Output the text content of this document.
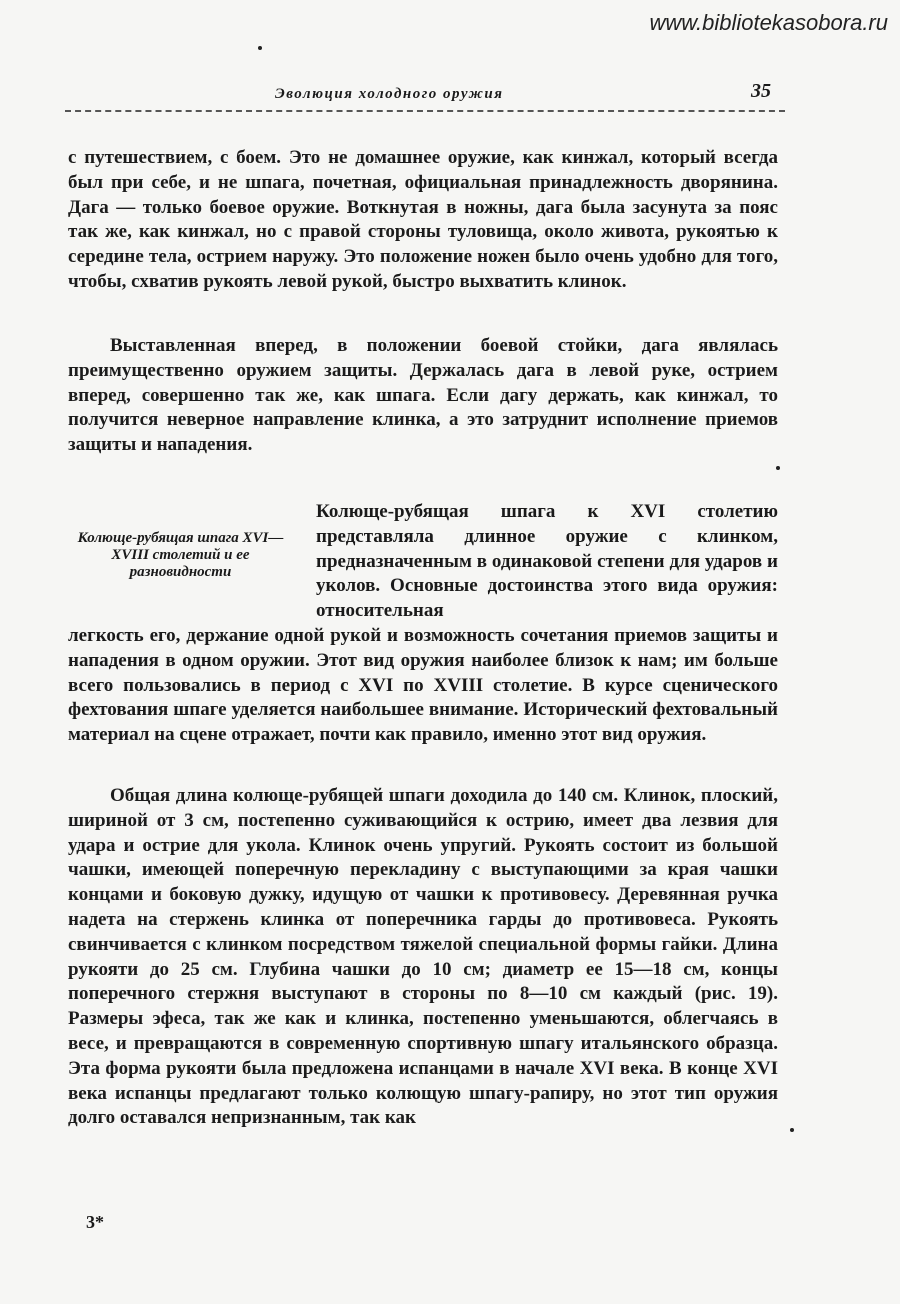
www.bibliotekasobora.ru
Эволюция холодного оружия	35
с путешествием, с боем. Это не домашнее оружие, как кинжал, который всегда был при себе, и не шпага, почетная, официальная принадлежность дворянина. Дага — только боевое оружие. Воткнутая в ножны, дага была засунута за пояс так же, как кинжал, но с правой стороны туловища, около живота, рукоятью к середине тела, острием наружу. Это положение ножен было очень удобно для того, чтобы, схватив рукоять левой рукой, быстро выхватить клинок.
Выставленная вперед, в положении боевой стойки, дага являлась преимущественно оружием защиты. Держалась дага в левой руке, острием вперед, совершенно так же, как шпага. Если дагу держать, как кинжал, то получится неверное направление клинка, а это затруднит исполнение приемов защиты и нападения.
Колюще-рубящая шпага XVI—XVIII столетий и ее разновидности
Колюще-рубящая шпага к XVI столетию представляла длинное оружие с клинком, предназначенным в одинаковой степени для ударов и уколов. Основные достоинства этого вида оружия: относительная
легкость его, держание одной рукой и возможность сочетания приемов защиты и нападения в одном оружии. Этот вид оружия наиболее близок к нам; им больше всего пользовались в период с XVI по XVIII столетие. В курсе сценического фехтования шпаге уделяется наибольшее внимание. Исторический фехтовальный материал на сцене отражает, почти как правило, именно этот вид оружия.
Общая длина колюще-рубящей шпаги доходила до 140 см. Клинок, плоский, шириной от 3 см, постепенно суживающийся к острию, имеет два лезвия для удара и острие для укола. Клинок очень упругий. Рукоять состоит из большой чашки, имеющей поперечную перекладину с выступающими за края чашки концами и боковую дужку, идущую от чашки к противовесу. Деревянная ручка надета на стержень клинка от поперечника гарды до противовеса. Рукоять свинчивается с клинком посредством тяжелой специальной формы гайки. Длина рукояти до 25 см. Глубина чашки до 10 см; диаметр ее 15—18 см, концы поперечного стержня выступают в стороны по 8—10 см каждый (рис. 19). Размеры эфеса, так же как и клинка, постепенно уменьшаются, облегчаясь в весе, и превращаются в современную спортивную шпагу итальянского образца. Эта форма рукояти была предложена испанцами в начале XVI века. В конце XVI века испанцы предлагают только колющую шпагу-рапиру, но этот тип оружия долго оставался непризнанным, так как
3*
